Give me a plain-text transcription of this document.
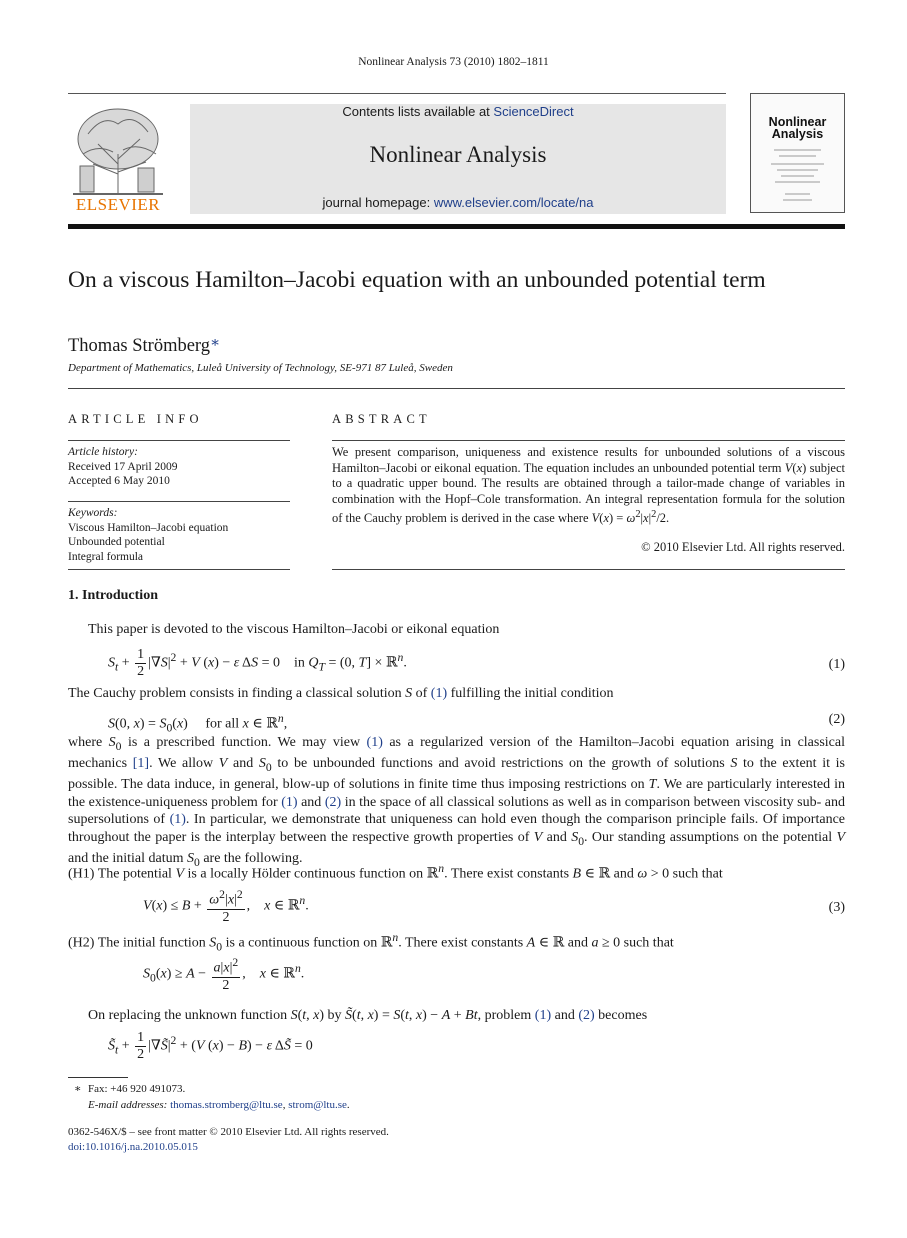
Nonlinear Analysis 73 (2010) 1802–1811
ELSEVIER
Contents lists available at ScienceDirect
Nonlinear Analysis
journal homepage: www.elsevier.com/locate/na
Nonlinear
Analysis
On a viscous Hamilton–Jacobi equation with an unbounded potential term
Thomas Strömberg∗
Department of Mathematics, Luleå University of Technology, SE-971 87 Luleå, Sweden
ARTICLE INFO
Article history:
Received 17 April 2009
Accepted 6 May 2010
Keywords:
Viscous Hamilton–Jacobi equation
Unbounded potential
Integral formula
ABSTRACT
We present comparison, uniqueness and existence results for unbounded solutions of a viscous Hamilton–Jacobi or eikonal equation. The equation includes an unbounded potential term V(x) subject to a quadratic upper bound. The results are obtained through a tailor-made change of variables in combination with the Hopf–Cole transformation. An integral representation formula for the solution of the Cauchy problem is derived in the case where $V(x) = \omega^2|x|^2/2$.
© 2010 Elsevier Ltd. All rights reserved.
1. Introduction
This paper is devoted to the viscous Hamilton–Jacobi or eikonal equation
$S_t + \frac{1}{2} |\nabla S|^2 + V$ (x) − ε ΔS = 0    in $Q_T = (0$, T] × ℝ$^n$.	(1)
The Cauchy problem consists in finding a classical solution S of (1) fulfilling the initial condition
S(0, $x) = S_0(x)$     for all x ∈ ℝ$^n$,	(2)
where $S_0$ is a prescribed function. We may view (1) as a regularized version of the Hamilton–Jacobi equation arising in classical mechanics [1]. We allow V and $S_0$ to be unbounded functions and avoid restrictions on the growth of solutions S to the extent it is possible. The data induce, in general, blow-up of solutions in finite time thus imposing restrictions on T. We are particularly interested in the existence-uniqueness problem for (1) and (2) in the space of all classical solutions as well as in comparison between viscosity sub- and supersolutions of (1). In particular, we demonstrate that uniqueness can hold even though the comparison principle fails. Of importance throughout the paper is the interplay between the respective growth properties of V and $S_0$. Our standing assumptions on the potential V and the initial datum $S_0$ are the following.
(H1) The potential V is a locally Hölder continuous function on ℝ$^n$. There exist constants B ∈ ℝ and ω > 0 such that
$V(x) \le B + \frac{\omega^2|x|^2}{2}$ ,    x ∈ ℝ$^n$.	(3)
(H2) The initial function $S_0$ is a continuous function on ℝ$^n$. There exist constants A ∈ ℝ and a ≥ 0 such that
$S_0(x) \ge A - \frac{a|x|^2}{2}$ ,    x ∈ ℝ$^n$.
On replacing the unknown function S(t, x) by S̃(t, x) = S(t, x) − A + Bt, problem (1) and (2) becomes
$S̃_t + \frac{1}{2}$ $|\nabla S̃|^2 + (V$ (x) − B) − ε ΔS̃ = 0
∗ Fax: +46 920 491073.
E-mail addresses: thomas.stromberg@ltu.se, strom@ltu.se.
0362-546X/$ – see front matter © 2010 Elsevier Ltd. All rights reserved.
doi:10.1016/j.na.2010.05.015
